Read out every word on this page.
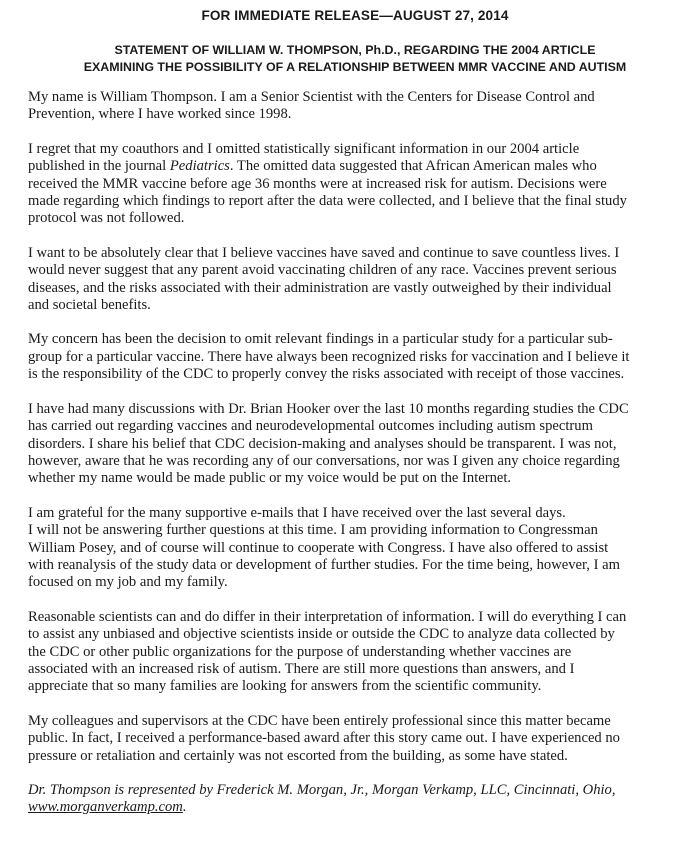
FOR IMMEDIATE RELEASE—AUGUST 27, 2014
STATEMENT OF WILLIAM W. THOMPSON, Ph.D., REGARDING THE 2004 ARTICLE
EXAMINING THE POSSIBILITY OF A RELATIONSHIP BETWEEN MMR VACCINE AND AUTISM

My name is William Thompson. I am a Senior Scientist with the Centers for Disease Control and
Prevention, where I have worked since 1998.

I regret that my coauthors and I omitted statistically significant information in our 2004 article
published in the journal Pediatrics. The omitted data suggested that African American males who
received the MMR vaccine before age 36 months were at increased risk for autism. Decisions were
made regarding which findings to report after the data were collected, and I believe that the final study
protocol was not followed.

I want to be absolutely clear that I believe vaccines have saved and continue to save countless lives. I
would never suggest that any parent avoid vaccinating children of any race. Vaccines prevent serious
diseases, and the risks associated with their administration are vastly outweighed by their individual
and societal benefits.

My concern has been the decision to omit relevant findings in a particular study for a particular sub-
group for a particular vaccine. There have always been recognized risks for vaccination and I believe it
is the responsibility of the CDC to properly convey the risks associated with receipt of those vaccines.

I have had many discussions with Dr. Brian Hooker over the last 10 months regarding studies the CDC
has carried out regarding vaccines and neurodevelopmental outcomes including autism spectrum
disorders. I share his belief that CDC decision-making and analyses should be transparent. I was not,
however, aware that he was recording any of our conversations, nor was I given any choice regarding
whether my name would be made public or my voice would be put on the Internet.

I am grateful for the many supportive e-mails that I have received over the last several days.
I will not be answering further questions at this time. I am providing information to Congressman
William Posey, and of course will continue to cooperate with Congress. I have also offered to assist
with reanalysis of the study data or development of further studies. For the time being, however, I am
focused on my job and my family.

Reasonable scientists can and do differ in their interpretation of information. I will do everything I can
to assist any unbiased and objective scientists inside or outside the CDC to analyze data collected by
the CDC or other public organizations for the purpose of understanding whether vaccines are
associated with an increased risk of autism. There are still more questions than answers, and I
appreciate that so many families are looking for answers from the scientific community.

My colleagues and supervisors at the CDC have been entirely professional since this matter became
public. In fact, I received a performance-based award after this story came out. I have experienced no
pressure or retaliation and certainly was not escorted from the building, as some have stated.

Dr. Thompson is represented by Frederick M. Morgan, Jr., Morgan Verkamp, LLC, Cincinnati, Ohio,
www.morganverkamp.com.
